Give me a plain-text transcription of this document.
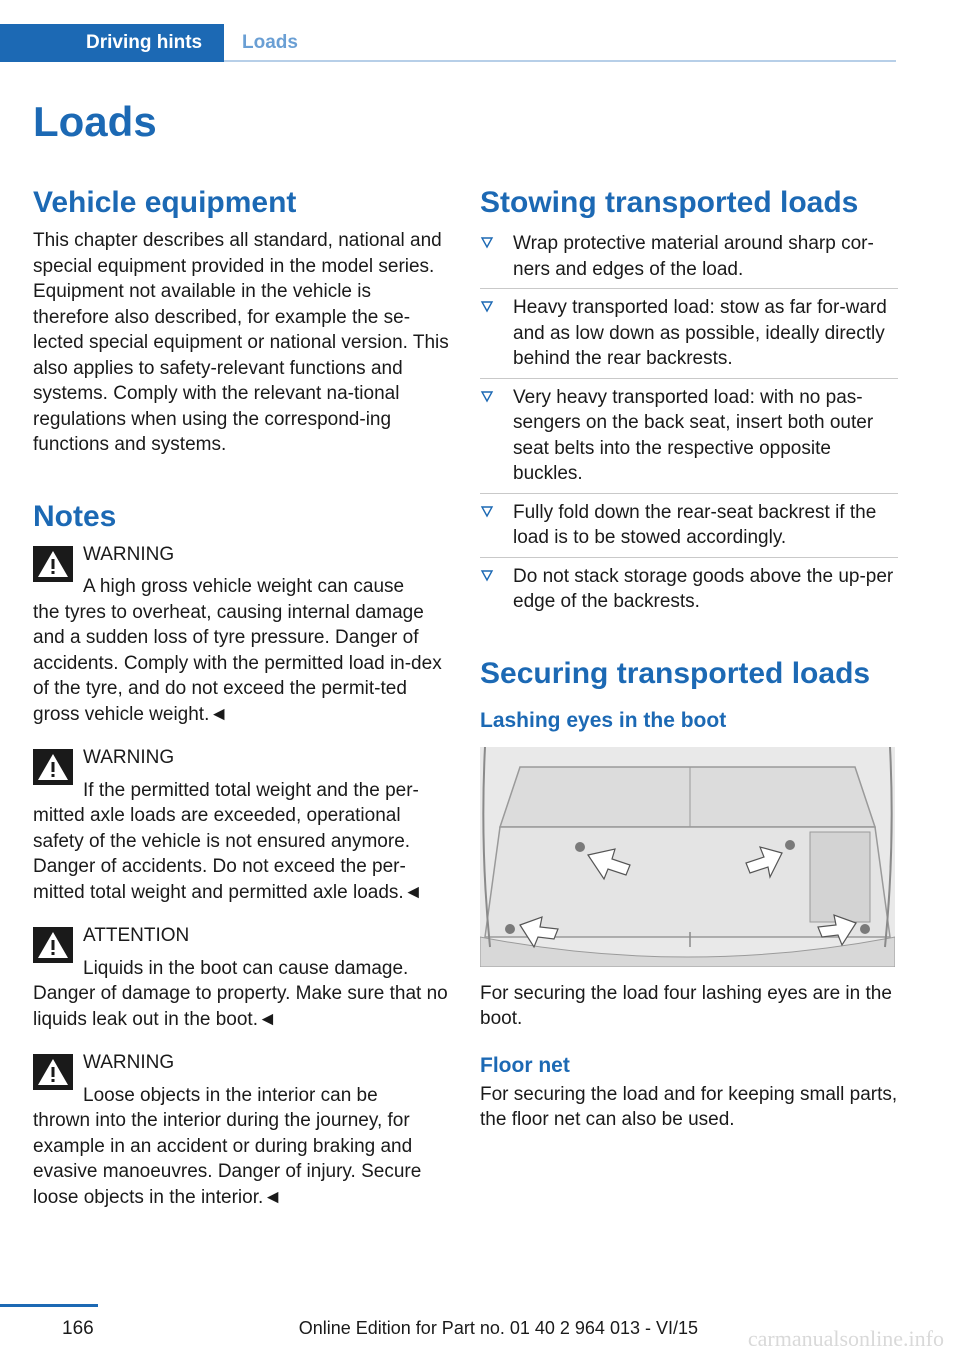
Driving hints	Loads
Loads
Vehicle equipment

This chapter describes all standard, national and special equipment provided in the model series. Equipment not available in the vehicle is therefore also described, for example the se-lected special equipment or national version. This also applies to safety-relevant functions and systems. Comply with the relevant na-tional regulations when using the correspond-ing functions and systems.

Notes
WARNING
A high gross vehicle weight can cause
the tyres to overheat, causing internal damage and a sudden loss of tyre pressure. Danger of accidents. Comply with the permitted load in-dex of the tyre, and do not exceed the permit-ted gross vehicle weight.◄
WARNING
If the permitted total weight and the per-
mitted axle loads are exceeded, operational safety of the vehicle is not ensured anymore. Danger of accidents. Do not exceed the per-mitted total weight and permitted axle loads.◄
ATTENTION
Liquids in the boot can cause damage.
Danger of damage to property. Make sure that no liquids leak out in the boot.◄
WARNING
Loose objects in the interior can be
thrown into the interior during the journey, for example in an accident or during braking and evasive manoeuvres. Danger of injury. Secure loose objects in the interior.◄
Stowing transported loads
Wrap protective material around sharp cor-ners and edges of the load.
Heavy transported load: stow as far for-ward and as low down as possible, ideally directly behind the rear backrests.
Very heavy transported load: with no pas-sengers on the back seat, insert both outer seat belts into the respective opposite buckles.
Fully fold down the rear-seat backrest if the load is to be stowed accordingly.
Do not stack storage goods above the up-per edge of the backrests.
Securing transported loads
Lashing eyes in the boot

For securing the load four lashing eyes are in the boot.

Floor net

For securing the load and for keeping small parts, the floor net can also be used.

166	Online Edition for Part no. 01 40 2 964 013 - VI/15 carmanualsonline.info
